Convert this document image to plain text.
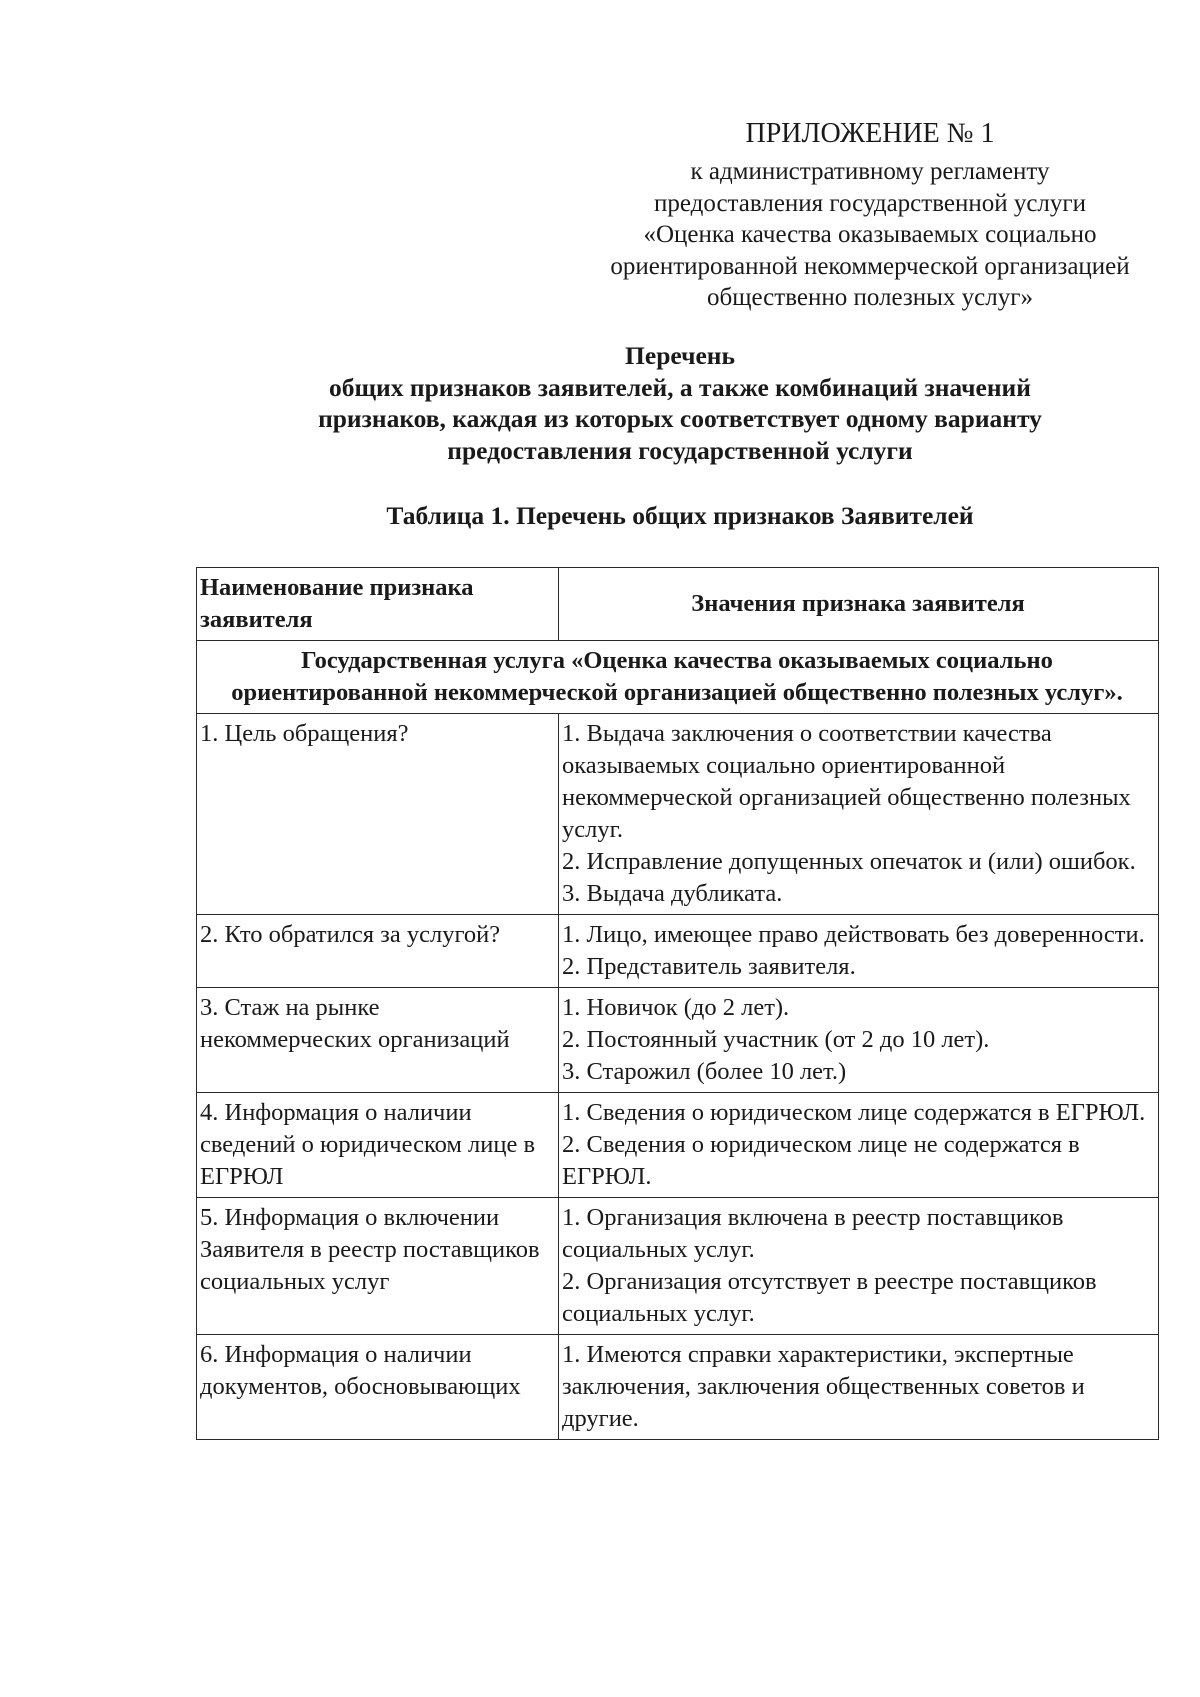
ПРИЛОЖЕНИЕ № 1
к административному регламенту
предоставления государственной услуги
«Оценка качества оказываемых социально
ориентированной некоммерческой организацией
общественно полезных услуг»
Перечень
общих признаков заявителей, а также комбинаций значений
признаков, каждая из которых соответствует одному варианту
предоставления государственной услуги
Таблица 1. Перечень общих признаков Заявителей
Наименование признака заявителя	Значения признака заявителя
Государственная услуга «Оценка качества оказываемых социально ориентированной некоммерческой организацией общественно полезных услуг».	
1. Цель обращения?	1. Выдача заключения о соответствии качества оказываемых социально ориентированной некоммерческой организацией общественно полезных услуг.
2. Исправление допущенных опечаток и (или) ошибок.
3. Выдача дубликата.

2. Кто обратился за услугой?	1. Лицо, имеющее право действовать без доверенности.
2. Представитель заявителя.

3. Стаж на рынке некоммерческих организаций	1. Новичок (до 2 лет).
2. Постоянный участник (от 2 до 10 лет).
3. Старожил (более 10 лет.)

4. Информация о наличии сведений о юридическом лице в ЕГРЮЛ	1. Сведения о юридическом лице содержатся в ЕГРЮЛ.
2. Сведения о юридическом лице не содержатся в ЕГРЮЛ.

5. Информация о включении Заявителя в реестр поставщиков социальных услуг	1. Организация включена в реестр поставщиков социальных услуг.
2. Организация отсутствует в реестре поставщиков социальных услуг.

6. Информация о наличии документов, обосновывающих	1. Имеются справки характеристики, экспертные заключения, заключения общественных советов и другие.
